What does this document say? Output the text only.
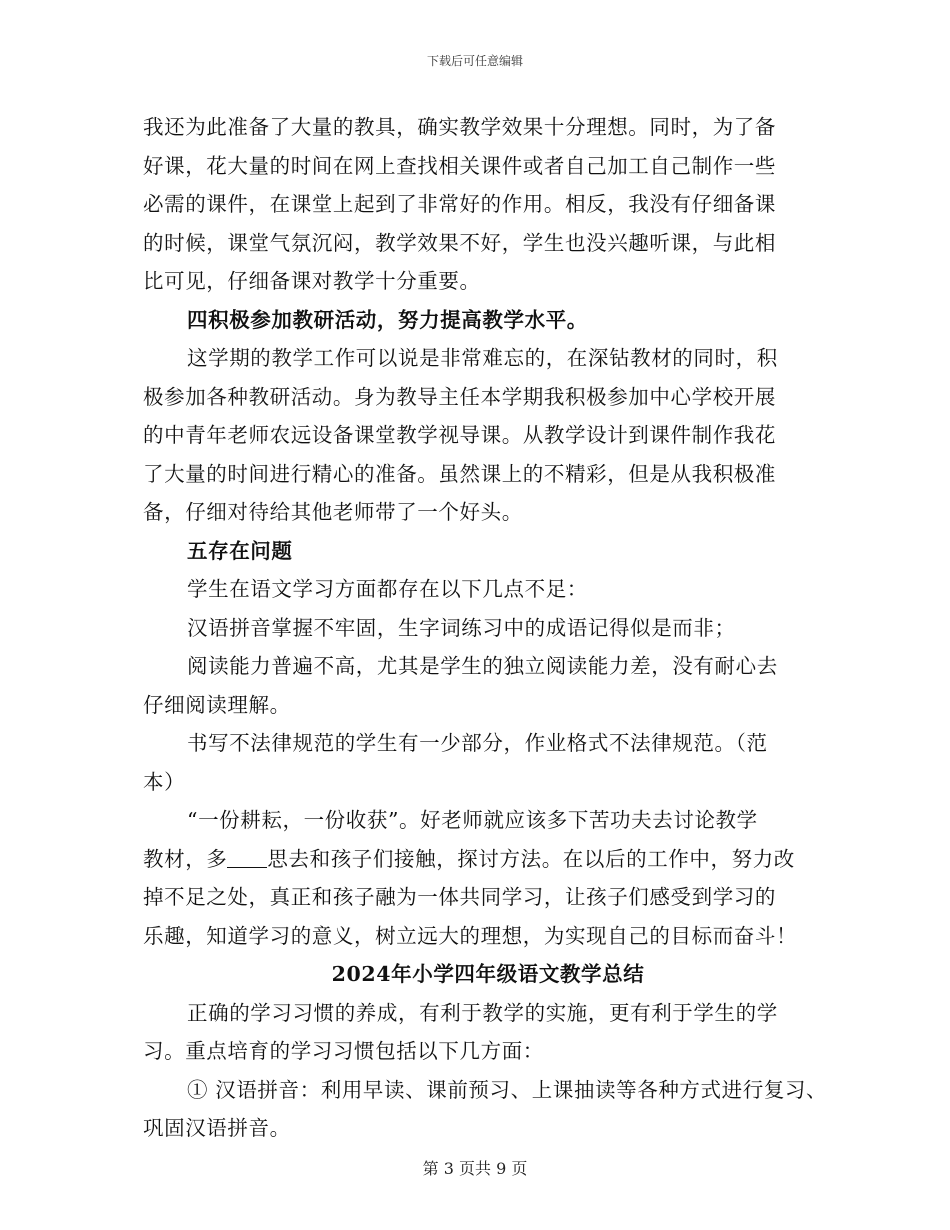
下载后可任意编辑
我还为此准备了大量的教具，确实教学效果十分理想。同时，为了备
好课，花大量的时间在网上查找相关课件或者自己加工自己制作一些
必需的课件，在课堂上起到了非常好的作用。相反，我没有仔细备课
的时候，课堂气氛沉闷，教学效果不好，学生也没兴趣听课，与此相
比可见，仔细备课对教学十分重要。
四积极参加教研活动，努力提高教学水平。
这学期的教学工作可以说是非常难忘的，在深钻教材的同时，积
极参加各种教研活动。身为教导主任本学期我积极参加中心学校开展
的中青年老师农远设备课堂教学视导课。从教学设计到课件制作我花
了大量的时间进行精心的准备。虽然课上的不精彩，但是从我积极准
备，仔细对待给其他老师带了一个好头。
五存在问题
学生在语文学习方面都存在以下几点不足：
汉语拼音掌握不牢固，生字词练习中的成语记得似是而非；
阅读能力普遍不高，尤其是学生的独立阅读能力差，没有耐心去
仔细阅读理解。
书写不法律规范的学生有一少部分，作业格式不法律规范。（范
本）
“一份耕耘，一份收获”。好老师就应该多下苦功夫去讨论教学
教材，多 思去和孩子们接触，探讨方法。在以后的工作中，努力改
掉不足之处，真正和孩子融为一体共同学习，让孩子们感受到学习的
乐趣，知道学习的意义，树立远大的理想，为实现自己的目标而奋斗！
2024年小学四年级语文教学总结
正确的学习习惯的养成，有利于教学的实施，更有利于学生的学
习。重点培育的学习习惯包括以下几方面：
① 汉语拼音：利用早读、课前预习、上课抽读等各种方式进行复习、
巩固汉语拼音。
第 3 页共 9 页
